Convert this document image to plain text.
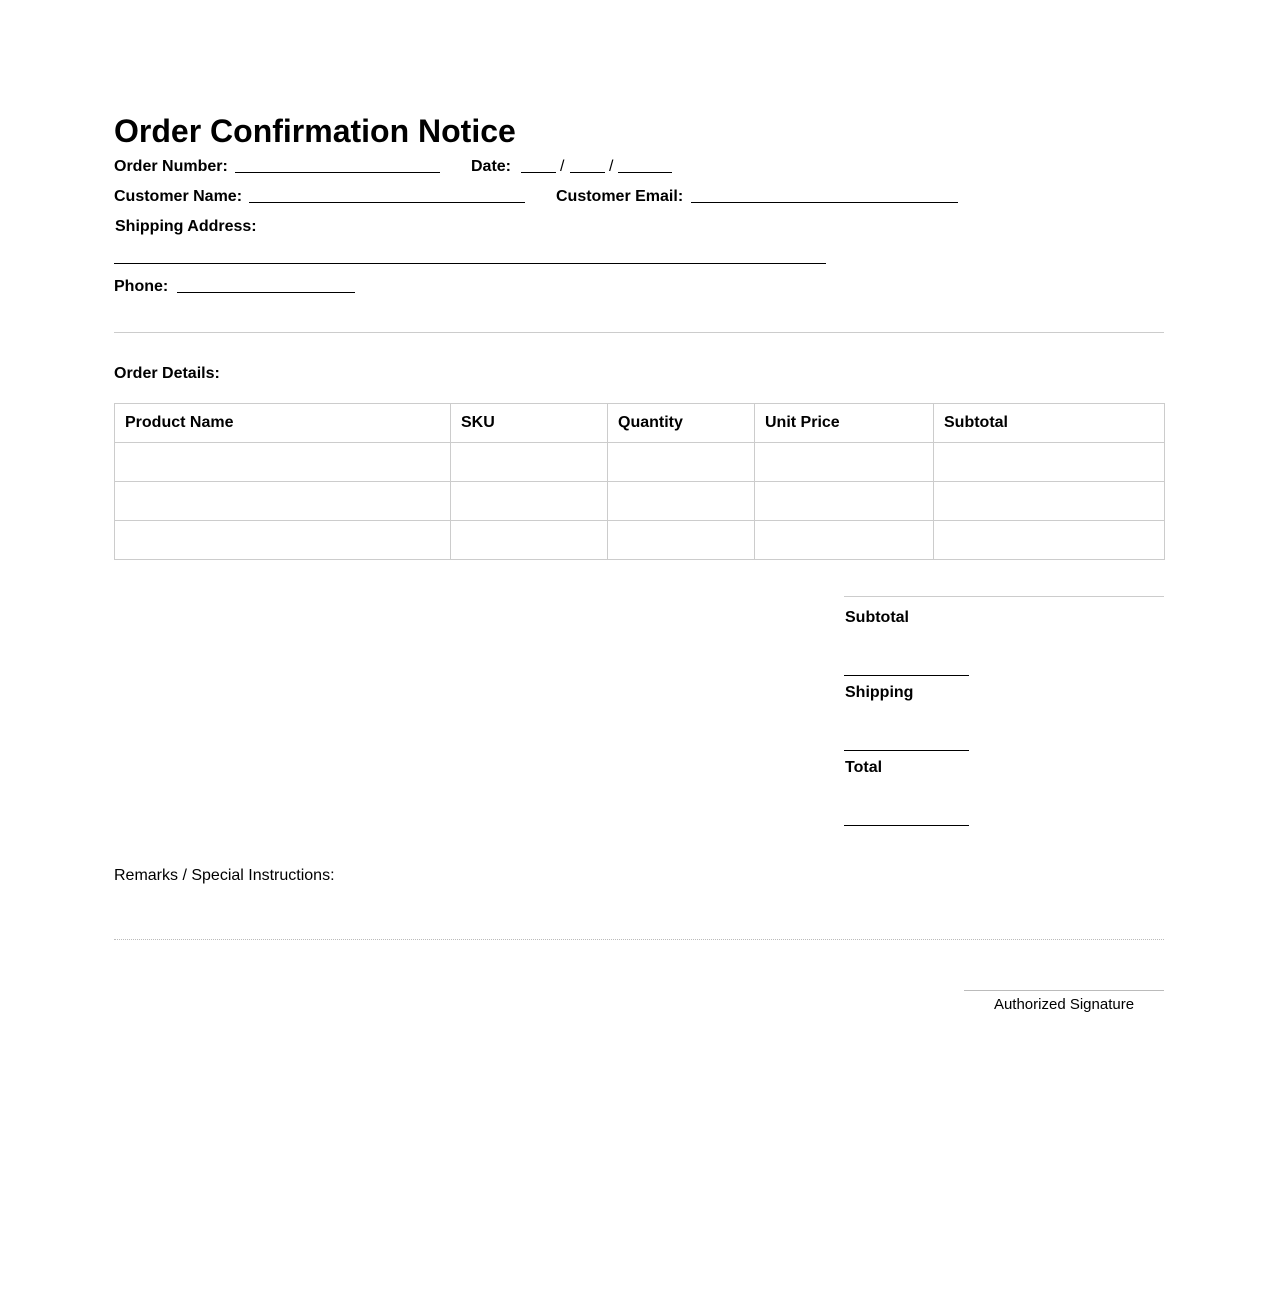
Order Confirmation Notice
Order Number:	Date:	/	/
Customer Name:	Customer Email:
Shipping Address:
Phone:
Order Details:
Product Name	SKU	Quantity	Unit Price	Subtotal

Subtotal
Shipping
Total
Remarks / Special Instructions:
Authorized Signature
